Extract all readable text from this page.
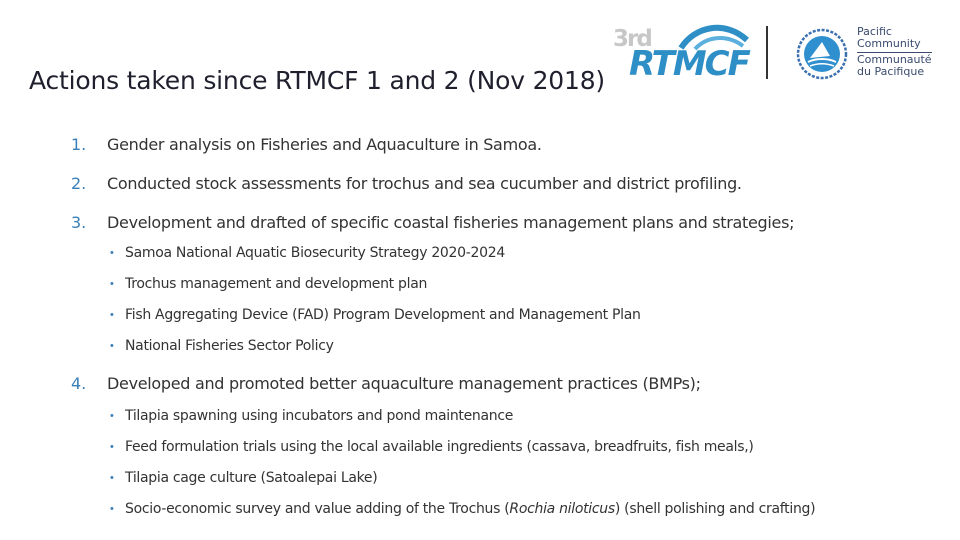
Actions taken since RTMCF 1 and 2 (Nov 2018)
3rd
RTMCF
Pacific
Community
Communauté
du Pacifique
1. Gender analysis on Fisheries and Aquaculture in Samoa.
2. Conducted stock assessments for trochus and sea cucumber and district profiling.
3. Development and drafted of specific coastal fisheries management plans and strategies;
• Samoa National Aquatic Biosecurity Strategy 2020-2024
• Trochus management and development plan
• Fish Aggregating Device (FAD) Program Development and Management Plan
• National Fisheries Sector Policy
4. Developed and promoted better aquaculture management practices (BMPs);
• Tilapia spawning using incubators and pond maintenance
• Feed formulation trials using the local available ingredients (cassava, breadfruits, fish meals,)
• Tilapia cage culture (Satoalepai Lake)
• Socio-economic survey and value adding of the Trochus (Rochia niloticus) (shell polishing and crafting)
